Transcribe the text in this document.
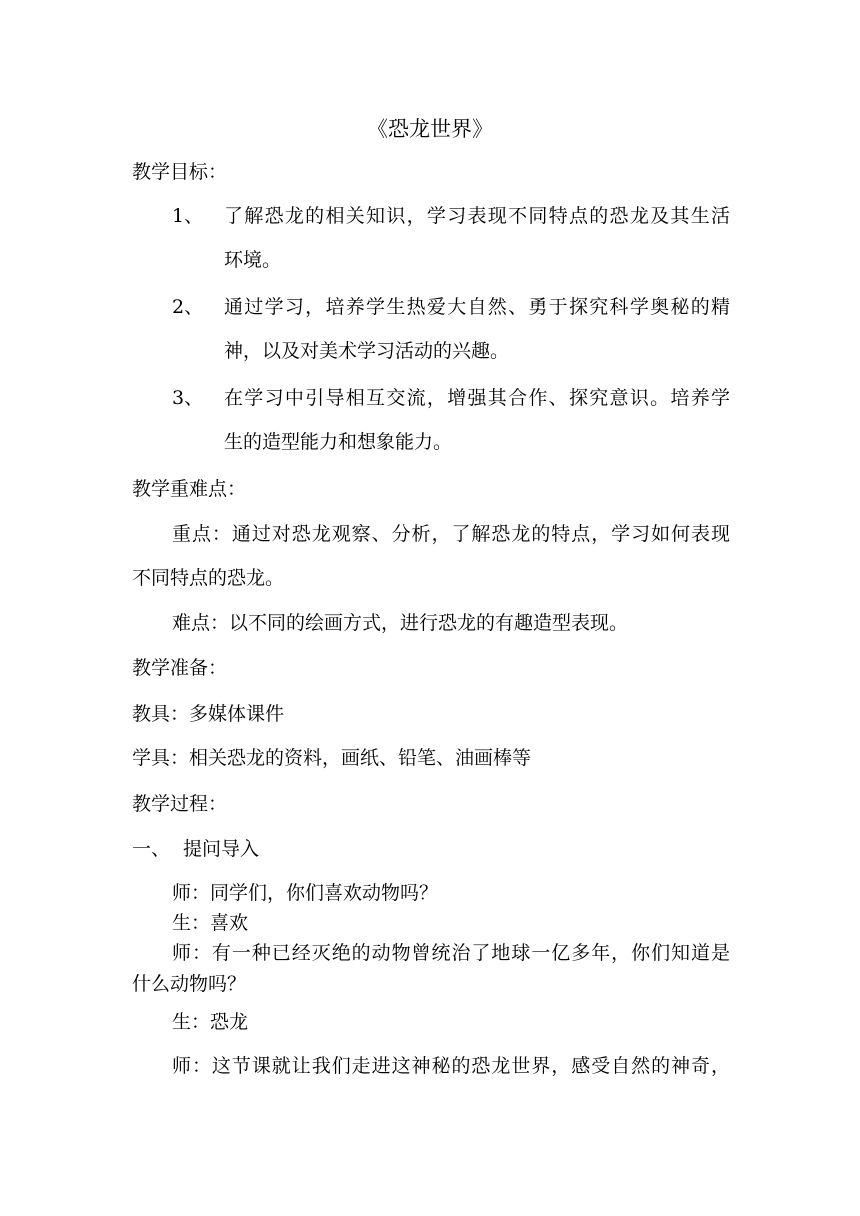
《恐龙世界》
教学目标：
1、 了解恐龙的相关知识，学习表现不同特点的恐龙及其生活
环境。
2、 通过学习，培养学生热爱大自然、勇于探究科学奥秘的精
神，以及对美术学习活动的兴趣。
3、 在学习中引导相互交流，增强其合作、探究意识。培养学
生的造型能力和想象能力。
教学重难点：
重点：通过对恐龙观察、分析，了解恐龙的特点，学习如何表现
不同特点的恐龙。
难点：以不同的绘画方式，进行恐龙的有趣造型表现。
教学准备：
教具：多媒体课件
学具：相关恐龙的资料，画纸、铅笔、油画棒等
教学过程：
一、 提问导入
师：同学们，你们喜欢动物吗？
生：喜欢
师：有一种已经灭绝的动物曾统治了地球一亿多年，你们知道是
什么动物吗？
生：恐龙
师：这节课就让我们走进这神秘的恐龙世界，感受自然的神奇，
